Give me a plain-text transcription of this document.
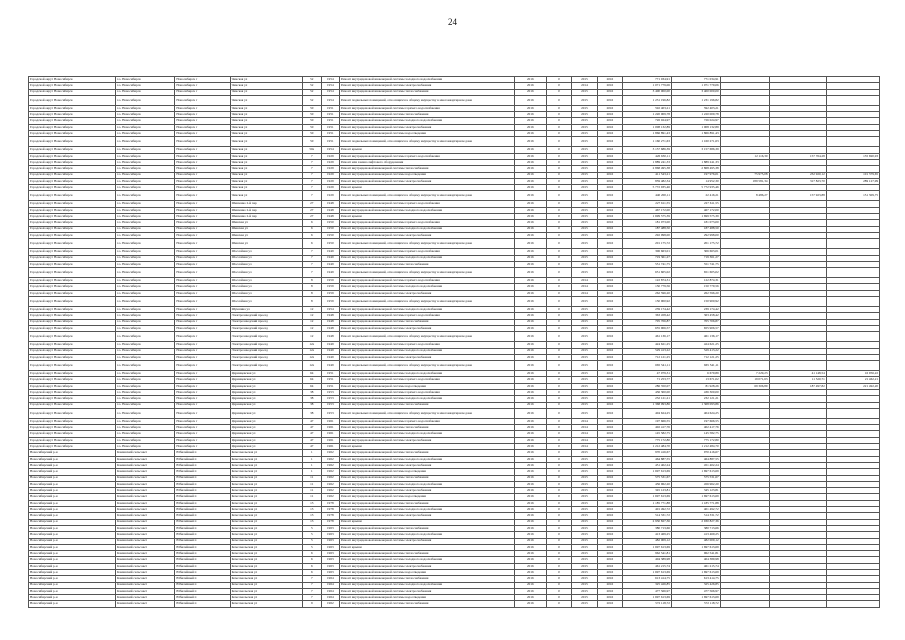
24
Городской округ Новосибирск	г.о. Новосибирск	Новосибирск г	Чемская ул	52	1954	Ремонт внутридомовой инженерной системы холодного водоснабжения	2016	0	2015	2016	771 034,91	771 034,91			
Городской округ Новосибирск	г.о. Новосибирск	Новосибирск г	Чемская ул	52	1954	Ремонт внутридомовой инженерной системы электроснабжения	2016	0	2014	2016	1 071 779,06	1 071 779,06			
Городской округ Новосибирск	г.о. Новосибирск	Новосибирск г	Чемская ул	52	1954	Ремонт внутридомовой инженерной системы теплоснабжения	2016	0	2015	2016	3 400 000,00	3 400 000,00			
Городской округ Новосибирск	г.о. Новосибирск	Новосибирск г	Чемская ул	52	1954	Ремонт подвальных помещений, относящихся к общему имуществу в многоквартирном доме	2016	0	2015	2016	1 231 196,82	1 231 196,82			
Городской округ Новосибирск	г.о. Новосибирск	Новосибирск г	Чемская ул	50	1951	Ремонт внутридомовой инженерной системы горячего водоснабжения	2016	0	2015	2016	592 403,21	592 403,21			
Городской округ Новосибирск	г.о. Новосибирск	Новосибирск г	Чемская ул	50	1951	Ремонт внутридомовой инженерной системы теплоснабжения	2016	0	2015	2016	1 220 009,78	1 220 009,78			
Городской округ Новосибирск	г.о. Новосибирск	Новосибирск г	Чемская ул	50	1951	Ремонт внутридомовой инженерной системы холодного водоснабжения	2016	0	2015	2016	726 024,97	726 024,97			
Городской округ Новосибирск	г.о. Новосибирск	Новосибирск г	Чемская ул	50	1951	Ремонт внутридомовой инженерной системы электроснабжения	2016	0	2015	2016	1 008 132,89	1 008 132,89			
Городской округ Новосибирск	г.о. Новосибирск	Новосибирск г	Чемская ул	50	1951	Ремонт внутридомовой инженерной системы водоотведения	2016	0	2015	2016	1 866 891,43	1 866 891,43			
Городской округ Новосибирск	г.о. Новосибирск	Новосибирск г	Чемская ул	50	1951	Ремонт подвальных помещений, относящихся к общему имуществу в многоквартирном доме	2016	0	2015	2016	1 160 271,63	1 160 271,63			
Городской округ Новосибирск	г.о. Новосибирск	Новосибирск г	Чемская ул	50а	1954	Ремонт крыши	2016	0	2015	2016	3 157 686,39	3 157 686,39			
Городской округ Новосибирск	г.о. Новосибирск	Новосибирск г	Чемская ул	7	1929	Ремонт внутридомовой инженерной системы горячего водоснабжения	2016	0	2015	2016	426 630,11		12 116,30	157 764,28	135 690,93
Городской округ Новосибирск	г.о. Новосибирск	Новосибирск г	Чемская ул	7	1929	Ремонт или замена лифтового оборудования	2016	0	2015	2016	1 889 241,33	1 889 241,33			
Городской округ Новосибирск	г.о. Новосибирск	Новосибирск г	Чемская ул	7	1929	Ремонт внутридомовой инженерной системы теплоснабжения	2016	0	2015	2016	2 868 495,38	2 868 495,38			
Городской округ Новосибирск	г.о. Новосибирск	Новосибирск г	Чемская ул	7	1929	Ремонт внутридомовой инженерной системы водоотведения	2016	0	2015	2016	411 543,21	197 976,01	75 975,08	232 920,12	101 379,65
Городской округ Новосибирск	г.о. Новосибирск	Новосибирск г	Чемская ул	7	1929	Ремонт внутридомовой инженерной системы электроснабжения	2016	0	2015	2016	859 482,34	14 952,30	189 581,34	317 823,70	289 127,99
Городской округ Новосибирск	г.о. Новосибирск	Новосибирск г	Чемская ул	7	1929	Ремонт крыши	2016	0	2015	2016	5 772 935,46	5 772 935,46			
Городской округ Новосибирск	г.о. Новосибирск	Новосибирск г	Чемская ул	7	1929	Ремонт подвальных помещений, относящихся к общему имуществу в многоквартирном доме	2016	0	2015	2016	440 200,11	22 416,21	8 486,27	157 923,88	151 309,75
Городской округ Новосибирск	г.о. Новосибирск	Новосибирск г	Шевченко 2-й пер	27	1948	Ремонт внутридомовой инженерной системы горячего водоснабжения	2016	0	2015	2016	227 611,55	227 611,55			
Городской округ Новосибирск	г.о. Новосибирск	Новосибирск г	Шевченко 2-й пер	27	1948	Ремонт внутридомовой инженерной системы холодного водоснабжения	2016	0	2015	2016	467 172,00	467 172,00			
Городской округ Новосибирск	г.о. Новосибирск	Новосибирск г	Шевченко 2-й пер	27	1948	Ремонт крыши	2016	0	2015	2016	1 699 575,39	1 699 575,39			
Городской округ Новосибирск	г.о. Новосибирск	Новосибирск г	Шевская ул	6	1950	Ремонт внутридомовой инженерной системы горячего водоснабжения	2016	0	2015	2016	181 073,00	181 073,00			
Городской округ Новосибирск	г.о. Новосибирск	Новосибирск г	Шевская ул	6	1950	Ремонт внутридомовой инженерной системы холодного водоснабжения	2016	0	2015	2016	187 488,50	187 488,50			
Городской округ Новосибирск	г.о. Новосибирск	Новосибирск г	Шевская ул	6	1950	Ремонт внутридомовой инженерной системы электроснабжения	2016	0	2015	2016	292 998,00	292 998,00			
Городской округ Новосибирск	г.о. Новосибирск	Новосибирск г	Шевская ул	6	1950	Ремонт подвальных помещений, относящихся к общему имуществу в многоквартирном доме	2016	0	2015	2016	201 175,72	201 175,72			
Городской округ Новосибирск	г.о. Новосибирск	Новосибирск г	Шосcейная ул	7	1949	Ремонт внутридомовой инженерной системы горячего водоснабжения	2016	0	2015	2016	306 663,01	306 663,01			
Городской округ Новосибирск	г.о. Новосибирск	Новосибирск г	Шосcейная ул	7	1949	Ремонт внутридомовой инженерной системы холодного водоснабжения	2016	0	2015	2016	719 361,27	719 361,27			
Городской округ Новосибирск	г.о. Новосибирск	Новосибирск г	Шосcейная ул	7	1949	Ремонт внутридомовой инженерной системы теплоснабжения	2016	0	2015	2016	551 741,75	551 741,75			
Городской округ Новосибирск	г.о. Новосибирск	Новосибирск г	Шосcейная ул	7	1949	Ремонт подвальных помещений, относящихся к общему имуществу в многоквартирном доме	2016	0	2015	2016	651 605,02	651 605,02			
Городской округ Новосибирск	г.о. Новосибирск	Новосибирск г	Шосcейная ул	8	1959	Ремонт внутридомовой инженерной системы горячего водоснабжения	2016	0	2014	2016	122 874,31	122 874,31			
Городской округ Новосибирск	г.о. Новосибирск	Новосибирск г	Шосcейная ул	8	1959	Ремонт внутридомовой инженерной системы холодного водоснабжения	2016	0	2014	2016	150 779,56	150 779,56			
Городской округ Новосибирск	г.о. Новосибирск	Новосибирск г	Шосcейная ул	8	1959	Ремонт внутридомовой инженерной системы электроснабжения	2016	0	2014	2016	262 596,20	262 596,20			
Городской округ Новосибирск	г.о. Новосибирск	Новосибирск г	Шосcейная ул	8	1959	Ремонт подвальных помещений, относящихся к общему имуществу в многоквартирном доме	2016	0	2015	2016	150 900,92	150 900,92			
Городской округ Новосибирск	г.о. Новосибирск	Новосибирск г	Шукшина ул	12	1954	Ремонт внутридомовой инженерной системы холодного водоснабжения	2016	0	2015	2016	239 174,42	239 174,42			
Городской округ Новосибирск	г.о. Новосибирск	Новосибирск г	Электрозаводский проезд	12	1948	Ремонт внутридомовой инженерной системы горячего водоснабжения	2016	0	2015	2016	363 458,42	363 458,42			
Городской округ Новосибирск	г.о. Новосибирск	Новосибирск г	Электрозаводский проезд	12	1948	Ремонт внутридомовой инженерной системы теплоснабжения	2016	0	2015	2016	705 706,87	705 706,87			
Городской округ Новосибирск	г.о. Новосибирск	Новосибирск г	Электрозаводский проезд	12	1948	Ремонт внутридомовой инженерной системы электроснабжения	2016	0	2015	2016	655 906,57	655 906,57			
Городской округ Новосибирск	г.о. Новосибирск	Новосибирск г	Электрозаводский проезд	12	1948	Ремонт подвальных помещений, относящихся к общему имуществу в многоквартирном доме	2016	0	2015	2016	461 136,17	461 136,17			
Городской округ Новосибирск	г.о. Новосибирск	Новосибирск г	Электрозаводский проезд	12а	1949	Ремонт внутридомовой инженерной системы горячего водоснабжения	2016	0	2015	2016	424 621,25	424 621,25			
Городской округ Новосибирск	г.о. Новосибирск	Новосибирск г	Электрозаводский проезд	12а	1949	Ремонт внутридомовой инженерной системы холодного водоснабжения	2016	0	2015	2016	529 413,22	529 413,22			
Городской округ Новосибирск	г.о. Новосибирск	Новосибирск г	Электрозаводский проезд	12а	1949	Ремонт внутридомовой инженерной системы электроснабжения	2016	0	2015	2016	712 121,25	712 121,25			
Городской округ Новосибирск	г.о. Новосибирск	Новосибирск г	Электрозаводский проезд	12а	1949	Ремонт подвальных помещений, относящихся к общему имуществу в многоквартирном доме	2016	0	2015	2016	665 541,11	665 541,11			
Городской округ Новосибирск	г.о. Новосибирск	Новосибирск г	Ядринцевская ул	64	1951	Ремонт внутридомовой инженерной системы холодного водоснабжения	2016	0	2015	2016	47 079,31	6 679,89	7 229,23	41 148,54	16 956,22
Городской округ Новосибирск	г.о. Новосибирск	Новосибирск г	Ядринцевская ул	64	1951	Ремонт внутридомовой инженерной системы горячего водоснабжения	2016	0	2015	2016	71 253,77	13 671,02	19 071,63	11 520,71	21 462,21
Городской округ Новосибирск	г.о. Новосибирск	Новосибирск г	Ядринцевская ул	64	1951	Ремонт внутридомовой инженерной системы водоотведения	2016	0	2015	2016	286 350,07	81 928,26	69 306,89	187 497,82	221 492,20
Городской округ Новосибирск	г.о. Новосибирск	Новосибирск г	Ядринцевская ул	38	1953	Ремонт внутридомовой инженерной системы горячего водоснабжения	2016	0	2015	2016	436 300,00	436 300,00			
Городской округ Новосибирск	г.о. Новосибирск	Новосибирск г	Ядринцевская ул	38	1953	Ремонт внутридомовой инженерной системы холодного водоснабжения	2016	0	2015	2016	232 121,21	232 121,21			
Городской округ Новосибирск	г.о. Новосибирск	Новосибирск г	Ядринцевская ул	38	1953	Ремонт внутридомовой инженерной системы теплоснабжения	2016	0	2015	2016	1 368 093,86	1 368 093,86			
Городской округ Новосибирск	г.о. Новосибирск	Новосибирск г	Ядринцевская ул	38	1953	Ремонт подвальных помещений, относящихся к общему имуществу в многоквартирном доме	2016	0	2015	2016	404 624,25	404 624,25			
Городской округ Новосибирск	г.о. Новосибирск	Новосибирск г	Ядринцевская ул	47	1961	Ремонт внутридомовой инженерной системы горячего водоснабжения	2016	0	2014	2016	197 666,55	197 666,55			
Городской округ Новосибирск	г.о. Новосибирск	Новосибирск г	Ядринцевская ул	47	1961	Ремонт внутридомовой инженерной системы теплоснабжения	2016	0	2014	2016	402 417,76	402 417,76			
Городской округ Новосибирск	г.о. Новосибирск	Новосибирск г	Ядринцевская ул	47	1961	Ремонт внутридомовой инженерной системы холодного водоснабжения	2016	0	2014	2016	145 582,75	145 582,75			
Городской округ Новосибирск	г.о. Новосибирск	Новосибирск г	Ядринцевская ул	47	1961	Ремонт внутридомовой инженерной системы электроснабжения	2016	0	2014	2016	775 172,80	775 172,80			
Городской округ Новосибирск	г.о. Новосибирск	Новосибирск г	Ядринцевская ул	47	1961	Ремонт крыши	2016	0	2014	2016	1 212 484,70	1 212 484,70			
Новосибирский р-н	Каменский сельсовет	Юбилейный п	Комсомольская ул	1	1962	Ремонт внутридомовой инженерной системы теплоснабжения	2016	0	2015	2016	970 416,67	970 416,67			
Новосибирский р-н	Каменский сельсовет	Юбилейный п	Комсомольская ул	1	1962	Ремонт внутридомовой инженерной системы холодного водоснабжения	2016	0	2015	2016	464 887,55	464 887,55			
Новосибирский р-н	Каменский сельсовет	Юбилейный п	Комсомольская ул	1	1962	Ремонт внутридомовой инженерной системы электроснабжения	2016	0	2015	2016	451 402,24	451 402,24			
Новосибирский р-н	Каменский сельсовет	Юбилейный п	Комсомольская ул	1	1962	Ремонт внутридомовой инженерной системы водоотведения	2016	0	2015	2016	1 697 613,69	1 697 613,69			
Новосибирский р-н	Каменский сельсовет	Юбилейный п	Комсомольская ул	11	1962	Ремонт внутридомовой инженерной системы теплоснабжения	2016	0	2015	2016	575 531,67	575 531,67			
Новосибирский р-н	Каменский сельсовет	Юбилейный п	Комсомольская ул	11	1962	Ремонт внутридомовой инженерной системы холодного водоснабжения	2016	0	2015	2016	456 962,20	456 962,20			
Новосибирский р-н	Каменский сельсовет	Юбилейный п	Комсомольская ул	11	1962	Ремонт внутридомовой инженерной системы электроснабжения	2016	0	2015	2016	345 123,81	345 123,81			
Новосибирский р-н	Каменский сельсовет	Юбилейный п	Комсомольская ул	11	1962	Ремонт внутридомовой инженерной системы водоотведения	2016	0	2015	2016	1 697 613,69	1 697 613,69			
Новосибирский р-н	Каменский сельсовет	Юбилейный п	Комсомольская ул	13	1978	Ремонт внутридомовой инженерной системы теплоснабжения	2016	0	2015	2016	1 185 771,88	1 185 771,88			
Новосибирский р-н	Каменский сельсовет	Юбилейный п	Комсомольская ул	13	1978	Ремонт внутридомовой инженерной системы холодного водоснабжения	2016	0	2015	2016	401 492,72	401 492,72			
Новосибирский р-н	Каменский сельсовет	Юбилейный п	Комсомольская ул	13	1978	Ремонт внутридомовой инженерной системы электроснабжения	2016	0	2015	2016	514 331,72	514 331,72			
Новосибирский р-н	Каменский сельсовет	Юбилейный п	Комсомольская ул	13	1978	Ремонт крыши	2016	0	2015	2016	2 930 827,36	2 930 827,36			
Новосибирский р-н	Каменский сельсовет	Юбилейный п	Комсомольская ул	5	1963	Ремонт внутридомовой инженерной системы теплоснабжения	2016	0	2015	2016	380 713,66	380 713,66			
Новосибирский р-н	Каменский сельсовет	Юбилейный п	Комсомольская ул	5	1963	Ремонт внутридомовой инженерной системы холодного водоснабжения	2016	0	2015	2016	413 469,25	413 469,25			
Новосибирский р-н	Каменский сельсовет	Юбилейный п	Комсомольская ул	5	1963	Ремонт внутридомовой инженерной системы электроснабжения	2016	0	2015	2016	482 009,12	482 009,12			
Новосибирский р-н	Каменский сельсовет	Юбилейный п	Комсомольская ул	5	1963	Ремонт крыши	2016	0	2015	2016	1 697 613,69	1 697 613,69			
Новосибирский р-н	Каменский сельсовет	Юбилейный п	Комсомольская ул	6	1963	Ремонт внутридомовой инженерной системы теплоснабжения	2016	0	2015	2016	962 541,81	962 541,81			
Новосибирский р-н	Каменский сельсовет	Юбилейный п	Комсомольская ул	6	1963	Ремонт внутридомовой инженерной системы холодного водоснабжения	2016	0	2015	2016	404 389,98	404 389,98			
Новосибирский р-н	Каменский сельсовет	Юбилейный п	Комсомольская ул	6	1963	Ремонт внутридомовой инженерной системы электроснабжения	2016	0	2015	2016	461 215,74	461 215,74			
Новосибирский р-н	Каменский сельсовет	Юбилейный п	Комсомольская ул	6	1963	Ремонт внутридомовой инженерной системы водоотведения	2016	0	2015	2016	1 697 613,69	1 697 613,69			
Новосибирский р-н	Каменский сельсовет	Юбилейный п	Комсомольская ул	7	1964	Ремонт внутридомовой инженерной системы теплоснабжения	2016	0	2015	2016	613 414,75	613 414,75			
Новосибирский р-н	Каменский сельсовет	Юбилейный п	Комсомольская ул	7	1964	Ремонт внутридомовой инженерной системы холодного водоснабжения	2016	0	2015	2016	325 426,85	325 426,85			
Новосибирский р-н	Каменский сельсовет	Юбилейный п	Комсомольская ул	7	1964	Ремонт внутридомовой инженерной системы электроснабжения	2016	0	2015	2016	477 566,97	477 566,97			
Новосибирский р-н	Каменский сельсовет	Юбилейный п	Комсомольская ул	7	1964	Ремонт внутридомовой инженерной системы водоотведения	2016	0	2015	2016	1 697 613,69	1 697 613,69			
Новосибирский р-н	Каменский сельсовет	Юбилейный п	Комсомольская ул	9	1962	Ремонт внутридомовой инженерной системы теплоснабжения	2016	0	2015	2016	572 118,72	572 118,72			
